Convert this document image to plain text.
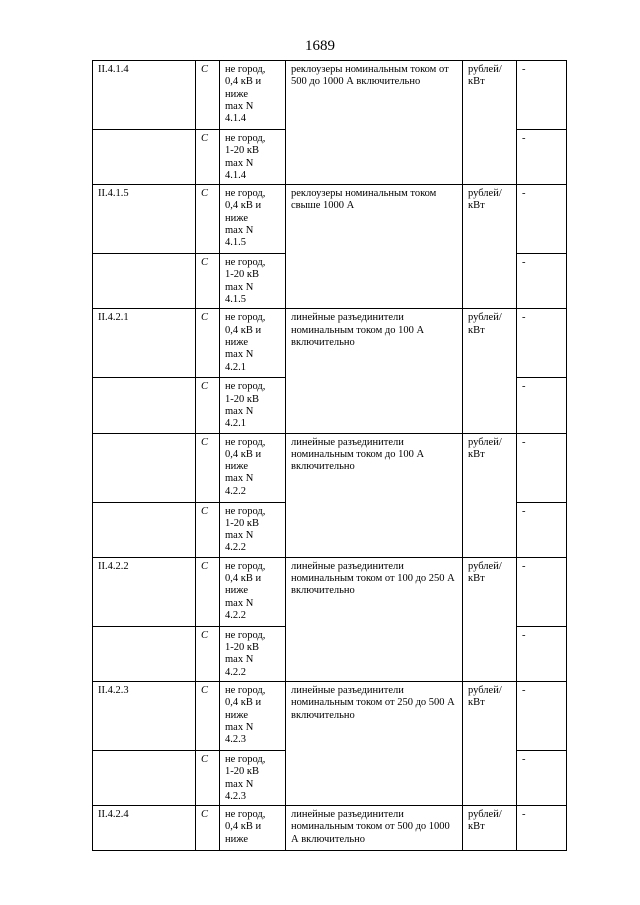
1689
II.4.1.4	С	не город,
0,4 кВ и
ниже
max N
4.1.4	реклоузеры номинальным током от 500 до 1000 А включительно	рублей/ кВт	-
	С	не город,
1-20 кВ
max N
4.1.4			-
II.4.1.5	С	не город,
0,4 кВ и
ниже
max N
4.1.5	реклоузеры номинальным током свыше 1000 А	рублей/ кВт	-
	С	не город,
1-20 кВ
max N
4.1.5			-
II.4.2.1	С	не город,
0,4 кВ и
ниже
max N
4.2.1	линейные разъединители номинальным током до 100 А включительно	рублей/ кВт	-
	С	не город,
1-20 кВ
max N
4.2.1			-
	С	не город,
0,4 кВ и
ниже
max N
4.2.2	линейные разъединители номинальным током до 100 А включительно	рублей/ кВт	-
	С	не город,
1-20 кВ
max N
4.2.2			-
II.4.2.2	С	не город,
0,4 кВ и
ниже
max N
4.2.2	линейные разъединители номинальным током от 100 до 250 А включительно	рублей/ кВт	-
	С	не город,
1-20 кВ
max N
4.2.2			-
II.4.2.3	С	не город,
0,4 кВ и
ниже
max N
4.2.3	линейные разъединители номинальным током от 250 до 500 А включительно	рублей/ кВт	-
	С	не город,
1-20 кВ
max N
4.2.3			-
II.4.2.4	С	не город,
0,4 кВ и
ниже	линейные разъединители номинальным током от 500 до 1000 А включительно	рублей/ кВт	-
